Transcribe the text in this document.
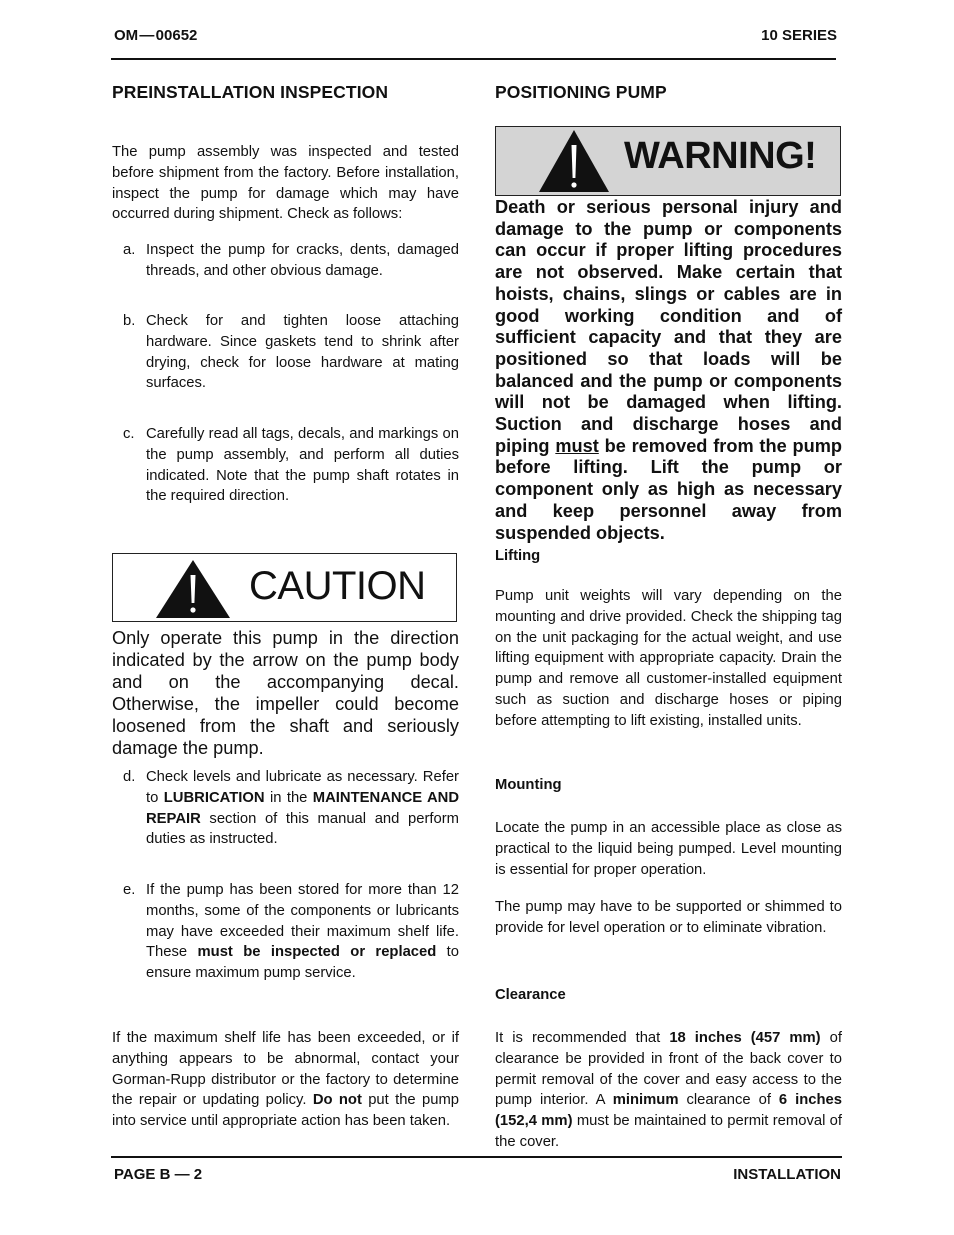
OM — 00652	10 SERIES
PREINSTALLATION INSPECTION
The pump assembly was inspected and tested before shipment from the factory. Before installation, inspect the pump for damage which may have occurred during shipment. Check as follows:
a. Inspect the pump for cracks, dents, damaged threads, and other obvious damage.
b. Check for and tighten loose attaching hardware. Since gaskets tend to shrink after drying, check for loose hardware at mating surfaces.
c. Carefully read all tags, decals, and markings on the pump assembly, and perform all duties indicated. Note that the pump shaft rotates in the required direction.
CAUTION
Only operate this pump in the direction indicated by the arrow on the pump body and on the accompanying decal. Otherwise, the impeller could become loosened from the shaft and seriously damage the pump.
d. Check levels and lubricate as necessary. Refer to LUBRICATION in the MAINTENANCE AND REPAIR section of this manual and perform duties as instructed.
e. If the pump has been stored for more than 12 months, some of the components or lubricants may have exceeded their maximum shelf life. These must be inspected or replaced to ensure maximum pump service.
If the maximum shelf life has been exceeded, or if anything appears to be abnormal, contact your Gorman-Rupp distributor or the factory to determine the repair or updating policy. Do not put the pump into service until appropriate action has been taken.
POSITIONING PUMP
WARNING!
Death or serious personal injury and damage to the pump or components can occur if proper lifting procedures are not observed. Make certain that hoists, chains, slings or cables are in good working condition and of sufficient capacity and that they are positioned so that loads will be balanced and the pump or components will not be damaged when lifting. Suction and discharge hoses and piping must be removed from the pump before lifting. Lift the pump or component only as high as necessary and keep personnel away from suspended objects.
Lifting
Pump unit weights will vary depending on the mounting and drive provided. Check the shipping tag on the unit packaging for the actual weight, and use lifting equipment with appropriate capacity. Drain the pump and remove all customer-installed equipment such as suction and discharge hoses or piping before attempting to lift existing, installed units.
Mounting
Locate the pump in an accessible place as close as practical to the liquid being pumped. Level mounting is essential for proper operation.
The pump may have to be supported or shimmed to provide for level operation or to eliminate vibration.
Clearance
It is recommended that 18 inches (457 mm) of clearance be provided in front of the back cover to permit removal of the cover and easy access to the pump interior. A minimum clearance of 6 inches (152,4 mm) must be maintained to permit removal of the cover.
PAGE B — 2	INSTALLATION
